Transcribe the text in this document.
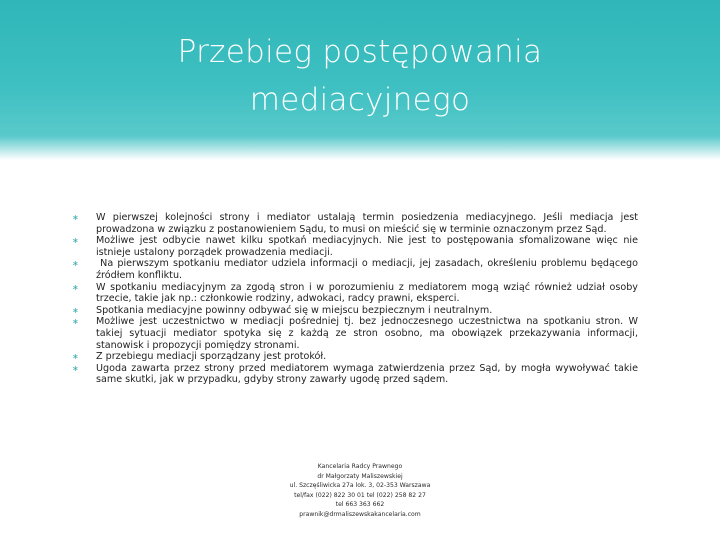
Przebieg postępowania
mediacyjnego
∗	W pierwszej kolejności strony i mediator ustalają termin posiedzenia mediacyjnego. Jeśli mediacja jest prowadzona w związku z postanowieniem Sądu, to musi on mieścić się w terminie oznaczonym przez Sąd.
∗	Możliwe jest odbycie nawet kilku spotkań mediacyjnych. Nie jest to postępowania sfomalizowane więc nie istnieje ustalony porządek prowadzenia mediacji.
∗	Na pierwszym spotkaniu mediator udziela informacji o mediacji, jej zasadach, określeniu problemu będącego źródłem konfliktu.
∗	W spotkaniu mediacyjnym za zgodą stron i w porozumieniu z mediatorem mogą wziąć również udział osoby trzecie, takie jak np.: członkowie rodziny, adwokaci, radcy prawni, eksperci.
∗	Spotkania mediacyjne powinny odbywać się w miejscu bezpiecznym i neutralnym.
∗	Możliwe jest uczestnictwo w mediacji pośredniej tj. bez jednoczesnego uczestnictwa na spotkaniu stron. W takiej sytuacji mediator spotyka się z każdą ze stron osobno, ma obowiązek przekazywania informacji, stanowisk i propozycji pomiędzy stronami.
∗	Z przebiegu mediacji sporządzany jest protokół.
∗	Ugoda zawarta przez strony przed mediatorem wymaga zatwierdzenia przez Sąd, by mogła wywoływać takie same skutki, jak w przypadku, gdyby strony zawarły ugodę przed sądem.
Kancelaria Radcy Prawnego
dr Małgorzaty Maliszewskiej
ul. Szczęśliwicka 27a lok. 3, 02-353 Warszawa
tel/fax (022) 822 30 01 tel (022) 258 82 27
tel 663 363 662
prawnik@drmaliszewskakancelaria.com
